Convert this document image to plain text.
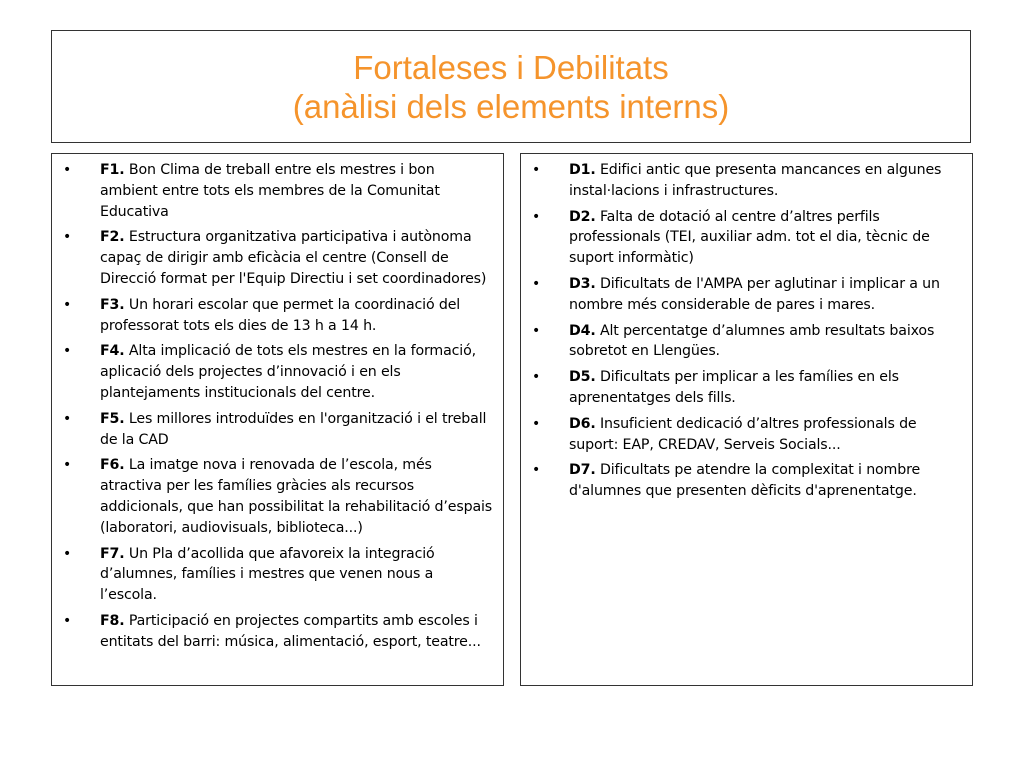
Fortaleses i Debilitats
(anàlisi dels elements interns)
• F1. Bon Clima de treball entre els mestres i bon ambient entre tots els membres de la Comunitat Educativa
• F2. Estructura organitzativa participativa i autònoma capaç de dirigir amb eficàcia el centre (Consell de Direcció format per l'Equip Directiu i set coordinadores)
• F3. Un horari escolar que permet la coordinació del professorat tots els dies de 13 h a 14 h.
• F4. Alta implicació de tots els mestres en la formació, aplicació dels projectes d’innovació i en els plantejaments institucionals del centre.
• F5. Les millores introduïdes en l'organització i el treball de la CAD
• F6. La imatge nova i renovada de l’escola, més atractiva per les famílies gràcies als recursos addicionals, que han possibilitat la rehabilitació d’espais (laboratori, audiovisuals, biblioteca...)
• F7. Un Pla d’acollida que afavoreix la integració d’alumnes, famílies i mestres que venen nous a l’escola.
• F8. Participació en projectes compartits amb escoles i entitats del barri: música, alimentació, esport, teatre...
• D1. Edifici antic que presenta mancances en algunes instal·lacions i infrastructures.
• D2. Falta de dotació al centre d’altres perfils professionals (TEI, auxiliar adm. tot el dia, tècnic de suport informàtic)
• D3. Dificultats de l'AMPA per aglutinar i implicar a un nombre més considerable de pares i mares.
• D4. Alt percentatge d’alumnes amb resultats baixos sobretot en Llengües.
• D5. Dificultats per implicar a les famílies en els aprenentatges dels fills.
• D6. Insuficient dedicació d’altres professionals de suport: EAP, CREDAV, Serveis Socials...
• D7. Dificultats pe atendre la complexitat i nombre d'alumnes que presenten dèficits d'aprenentatge.
